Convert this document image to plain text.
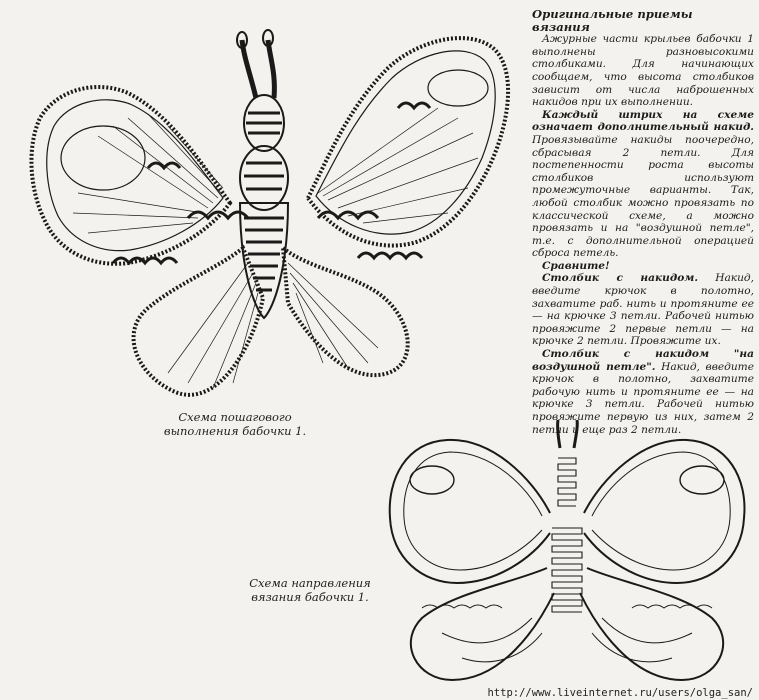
Схема пошагового выполнения бабочки 1.

Оригинальные приемы вязания

Ажурные части крыльев бабочки 1 выполнены разновысокими столбиками. Для начинающих сообщаем, что высота столбиков зависит от числа наброшенных накидов при их выполнении.

Каждый штрих на схеме означает дополнительный накид. Провязывайте накиды поочередно, сбрасывая 2 петли. Для постепенности роста высоты столбиков используют промежуточные варианты. Так, любой столбик можно провязать по классической схеме, а можно провязать и на "воздушной петле", т.е. с дополнительной операцией сброса петель.

Сравните!

Столбик с накидом. Накид, введите крючок в полотно, захватите раб. нить и протяните ее — на крючке 3 петли. Рабочей нитью провяжите 2 первые петли — на крючке 2 петли. Провяжите их.

Столбик с накидом "на воздушной петле". Накид, введите крючок в полотно, захватите рабочую нить и протяните ее — на крючке 3 петли. Рабочей нитью провяжите первую из них, затем 2 петли и еще раз 2 петли.

Схема направления вязания бабочки 1.
http://www.liveinternet.ru/users/olga_san/
